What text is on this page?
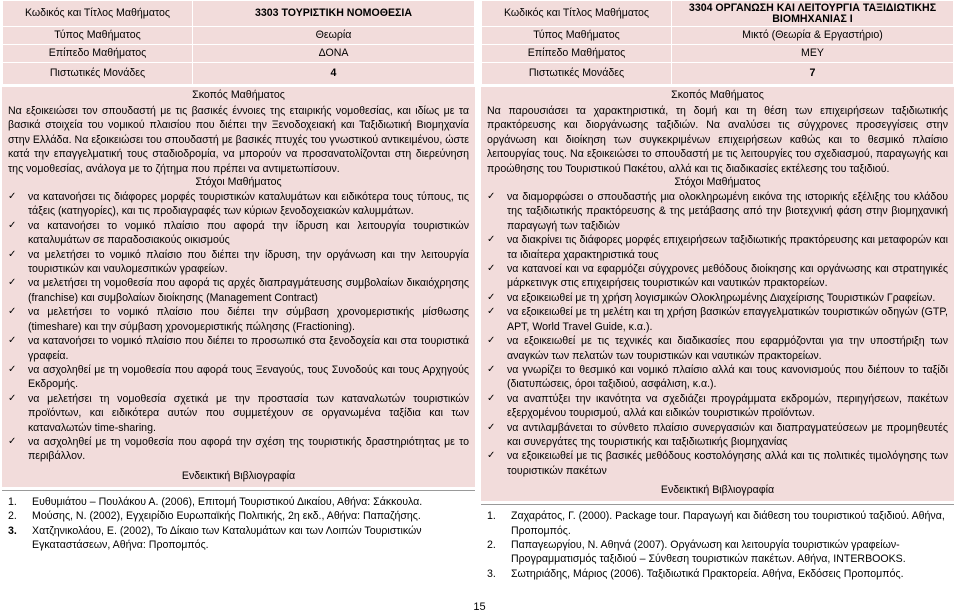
Κωδικός και Τίτλος Μαθήματος	3303 ΤΟΥΡΙΣΤΙΚΗ ΝΟΜΟΘΕΣΙΑ
Τύπος Μαθήματος	Θεωρία
Επίπεδο Μαθήματος	ΔΟΝΑ
Πιστωτικές Μονάδες	4
Σκοπός Μαθήματος
Να εξοικειώσει τον σπουδαστή με τις βασικές έννοιες της εταιρικής νομοθεσίας, και ιδίως με τα βασικά στοιχεία του νομικού πλαισίου που διέπει την Ξενοδοχειακή και Ταξιδιωτική Βιομηχανία στην Ελλάδα. Να εξοικειώσει του σπουδαστή με βασικές πτυχές του γνωστικού αντικειμένου, ώστε κατά την επαγγελματική τους σταδιοδρομία, να μπορούν να προσανατολίζονται στη διερεύνηση της νομοθεσίας, ανάλογα με το ζήτημα που πρέπει να αντιμετωπίσουν.
Στόχοι Μαθήματος
✓	να κατανοήσει τις διάφορες μορφές τουριστικών καταλυμάτων και ειδικότερα τους τύπους, τις τάξεις (κατηγορίες), και τις προδιαγραφές των κύριων ξενοδοχειακών καλυμμάτων.
✓	να κατανοήσει το νομικό πλαίσιο που αφορά την ίδρυση και λειτουργία τουριστικών καταλυμάτων σε παραδοσιακούς οικισμούς
✓	να μελετήσει το νομικό πλαίσιο που διέπει την ίδρυση, την οργάνωση και την λειτουργία τουριστικών και ναυλομεσιτικών γραφείων.
✓	να μελετήσει τη νομοθεσία που αφορά τις αρχές διαπραγμάτευσης συμβολαίων δικαιόχρησης (franchise) και συμβολαίων διοίκησης (Management Contract)
✓	να μελετήσει το νομικό πλαίσιο που διέπει την σύμβαση χρονομεριστικής μίσθωσης (timeshare) και την σύμβαση χρονομεριστικής πώλησης (Fractioning).
✓	να κατανοήσει το νομικό πλαίσιο που διέπει το προσωπικό στα ξενοδοχεία και στα τουριστικά γραφεία.
✓	να ασχοληθεί με τη νομοθεσία που αφορά τους Ξεναγούς, τους Συνοδούς και τους Αρχηγούς Εκδρομής.
✓	να μελετήσει τη νομοθεσία σχετικά με την προστασία των καταναλωτών τουριστικών προϊόντων, και ειδικότερα αυτών που συμμετέχουν σε οργανωμένα ταξίδια και των καταναλωτών time-sharing.
✓	να ασχοληθεί με τη νομοθεσία που αφορά την σχέση της τουριστικής δραστηριότητας με το περιβάλλον.
Ενδεικτική Βιβλιογραφία
1. Ευθυμιάτου – Πουλάκου Α. (2006), Επιτομή Τουριστικού Δικαίου, Αθήνα: Σάκκουλα.
2. Μούσης, Ν. (2002), Εγχειρίδιο Ευρωπαϊκής Πολιτικής, 2η εκδ., Αθήνα: Παπαζήσης.
3. Χατζηνικολάου, Ε. (2002), Το Δίκαιο των Καταλυμάτων και των Λοιπών Τουριστικών Εγκαταστάσεων, Αθήνα: Προπομπός.
Κωδικός και Τίτλος Μαθήματος	3304 ΟΡΓΑΝΩΣΗ ΚΑΙ ΛΕΙΤΟΥΡΓΙΑ ΤΑΞΙΔΙΩΤΙΚΗΣ ΒΙΟΜΗΧΑΝΙΑΣ Ι
Τύπος Μαθήματος	Μικτό (Θεωρία & Εργαστήριο)
Επίπεδο Μαθήματος	ΜΕΥ
Πιστωτικές Μονάδες	7
Σκοπός Μαθήματος
Να παρουσιάσει τα χαρακτηριστικά, τη δομή και τη θέση των επιχειρήσεων ταξιδιωτικής πρακτόρευσης και διοργάνωσης ταξιδιών. Να αναλύσει τις σύγχρονες προσεγγίσεις στην οργάνωση και διοίκηση των συγκεκριμένων επιχειρήσεων καθώς και το θεσμικό πλαίσιο λειτουργίας τους. Να εξοικειώσει το σπουδαστή με τις λειτουργίες του σχεδιασμού, παραγωγής και προώθησης του Τουριστικού Πακέτου, αλλά και τις διαδικασίες εκτέλεσης του ταξιδιού.
Στόχοι Μαθήματος
✓	να διαμορφώσει ο σπουδαστής μια ολοκληρωμένη εικόνα της ιστορικής εξέλιξης του κλάδου της ταξιδιωτικής πρακτόρευσης & της μετάβασης από την βιοτεχνική φάση στην βιομηχανική παραγωγή των ταξιδιών
✓	να διακρίνει τις διάφορες μορφές επιχειρήσεων ταξιδιωτικής πρακτόρευσης και μεταφορών και τα ιδιαίτερα χαρακτηριστικά τους
✓	να κατανοεί και να εφαρμόζει σύγχρονες μεθόδους διοίκησης και οργάνωσης και στρατηγικές μάρκετινγκ στις επιχειρήσεις τουριστικών και ναυτικών πρακτορείων.
✓	να εξοικειωθεί με τη χρήση λογισμικών Ολοκληρωμένης Διαχείρισης Τουριστικών Γραφείων.
✓	να εξοικειωθεί με τη μελέτη και τη χρήση βασικών επαγγελματικών τουριστικών οδηγών (GTP, APT, World Travel Guide, κ.α.).
✓	να εξοικειωθεί με τις τεχνικές και διαδικασίες που εφαρμόζονται για την υποστήριξη των αναγκών των πελατών των τουριστικών και ναυτικών πρακτορείων.
✓	να γνωρίζει το θεσμικό και νομικό πλαίσιο αλλά και τους κανονισμούς που διέπουν το ταξίδι (διατυπώσεις, όροι ταξιδιού, ασφάλιση, κ.α.).
✓	να αναπτύξει την ικανότητα να σχεδιάζει προγράμματα εκδρομών, περιηγήσεων, πακέτων εξερχομένου τουρισμού, αλλά και ειδικών τουριστικών προϊόντων.
✓	να αντιλαμβάνεται το σύνθετο πλαίσιο συνεργασιών και διαπραγματεύσεων με προμηθευτές και συνεργάτες της τουριστικής και ταξιδιωτικής βιομηχανίας
✓	να εξοικειωθεί με τις βασικές μεθόδους κοστολόγησης αλλά και τις πολιτικές τιμολόγησης των τουριστικών πακέτων
Ενδεικτική Βιβλιογραφία
1. Ζαχαράτος, Γ. (2000). Package tour. Παραγωγή και διάθεση του τουριστικού ταξιδιού. Αθήνα, Προπομπός.
2. Παπαγεωργίου, Ν. Αθηνά (2007). Οργάνωση και λειτουργία τουριστικών γραφείων- Προγραμματισμός ταξιδιού – Σύνθεση τουριστικών πακέτων. Αθήνα, INTERBOOKS.
3. Σωτηριάδης, Μάριος (2006). Ταξιδιωτικά Πρακτορεία. Αθήνα, Εκδόσεις Προπομπός.
15
